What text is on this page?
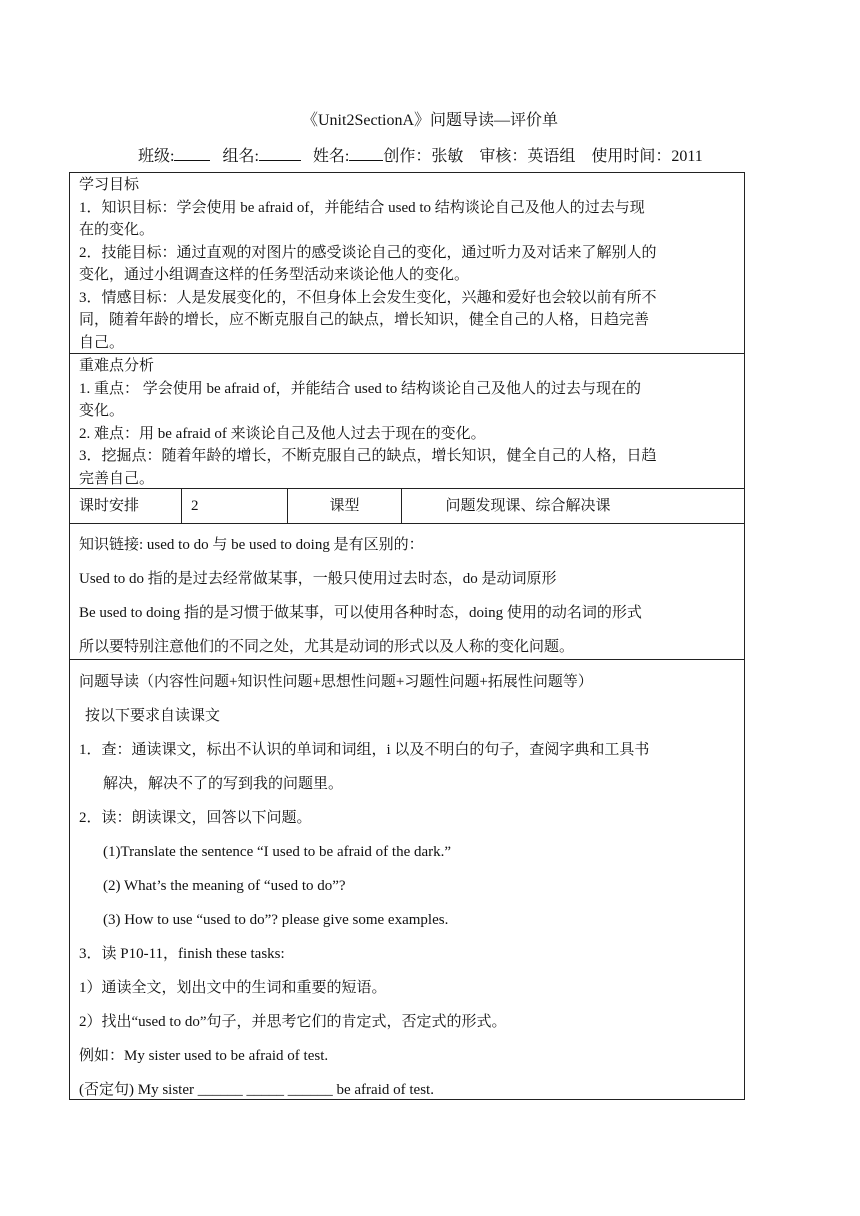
《Unit2SectionA》问题导读—评价单
班级:	组名:	姓名: 创作：张敏 审核：英语组 使用时间：2011

学习目标

1．知识目标：学会使用 be afraid of，并能结合 used to 结构谈论自己及他人的过去与现

在的变化。

2．技能目标：通过直观的对图片的感受谈论自己的变化，通过听力及对话来了解别人的

变化，通过小组调查这样的任务型活动来谈论他人的变化。

3．情感目标：人是发展变化的，不但身体上会发生变化，兴趣和爱好也会较以前有所不

同，随着年龄的增长，应不断克服自己的缺点，增长知识，健全自己的人格，日趋完善

自己。

重难点分析

1. 重点： 学会使用 be afraid of，并能结合 used to 结构谈论自己及他人的过去与现在的

变化。

2. 难点：用 be afraid of 来谈论自己及他人过去于现在的变化。

3．挖掘点：随着年龄的增长，不断克服自己的缺点，增长知识，健全自己的人格，日趋

完善自己。

课时安排	2	课型	问题发现课、综合解决课

知识链接: used to do 与 be used to doing 是有区别的：

Used to do 指的是过去经常做某事，一般只使用过去时态，do 是动词原形

Be used to doing 指的是习惯于做某事，可以使用各种时态，doing 使用的动名词的形式

所以要特别注意他们的不同之处，尤其是动词的形式以及人称的变化问题。

问题导读（内容性问题+知识性问题+思想性问题+习题性问题+拓展性问题等）

按以下要求自读课文

1．查：通读课文，标出不认识的单词和词组，i 以及不明白的句子，查阅字典和工具书

解决，解决不了的写到我的问题里。

2．读：朗读课文，回答以下问题。

(1)Translate the sentence “I used to be afraid of the dark.”

(2) What’s the meaning of “used to do”?

(3) How to use “used to do”? please give some examples.

3．读 P10-11，finish these tasks:

1）通读全文，划出文中的生词和重要的短语。

2）找出“used to do”句子，并思考它们的肯定式，否定式的形式。

例如：My sister used to be afraid of test.

(否定句) My sister ______ _____ ______ be afraid of test.
